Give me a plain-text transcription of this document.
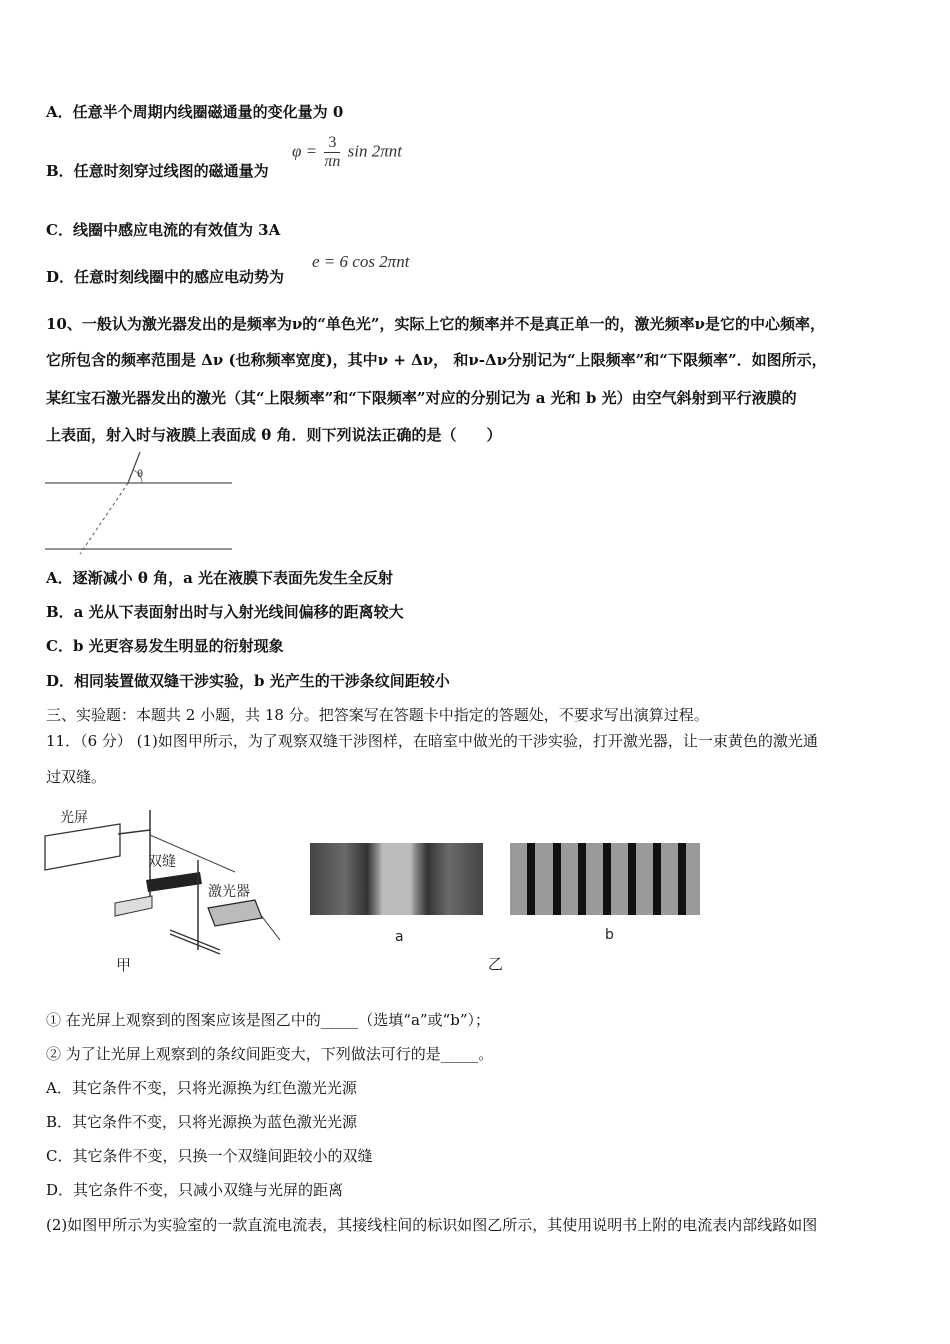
A．任意半个周期内线圈磁通量的变化量为 0
B．任意时刻穿过线图的磁通量为
$\varphi = \frac{3}{\pi n}$ sin 2πnt
C．线圈中感应电流的有效值为 3A
D．任意时刻线圈中的感应电动势为
e = 6 cos 2πnt
10、一般认为激光器发出的是频率为ν的“单色光”，实际上它的频率并不是真正单一的，激光频率ν是它的中心频率，
它所包含的频率范围是 Δν (也称频率宽度)，其中ν + Δν， 和ν-Δν分别记为“上限频率”和“下限频率”．如图所示，
某红宝石激光器发出的激光（其“上限频率”和“下限频率”对应的分别记为 a 光和 b 光）由空气斜射到平行液膜的
上表面，射入时与液膜上表面成 θ 角．则下列说法正确的是（　　）
θ
A．逐渐减小 θ 角，a 光在液膜下表面先发生全反射
B．a 光从下表面射出时与入射光线间偏移的距离较大
C．b 光更容易发生明显的衍射现象
D．相同装置做双缝干涉实验，b 光产生的干涉条纹间距较小
三、实验题：本题共 2 小题，共 18 分。把答案写在答题卡中指定的答题处，不要求写出演算过程。
11．（6 分） (1)如图甲所示，为了观察双缝干涉图样，在暗室中做光的干涉实验，打开激光器，让一束黄色的激光通
过双缝。
光屏
双缝
激光器
甲
a	b
乙
① 在光屏上观察到的图案应该是图乙中的_____（选填“a”或“b”）；
② 为了让光屏上观察到的条纹间距变大，下列做法可行的是_____。
A．其它条件不变，只将光源换为红色激光光源
B．其它条件不变，只将光源换为蓝色激光光源
C．其它条件不变，只换一个双缝间距较小的双缝
D．其它条件不变，只减小双缝与光屏的距离
(2)如图甲所示为实验室的一款直流电流表，其接线柱间的标识如图乙所示，其使用说明书上附的电流表内部线路如图
